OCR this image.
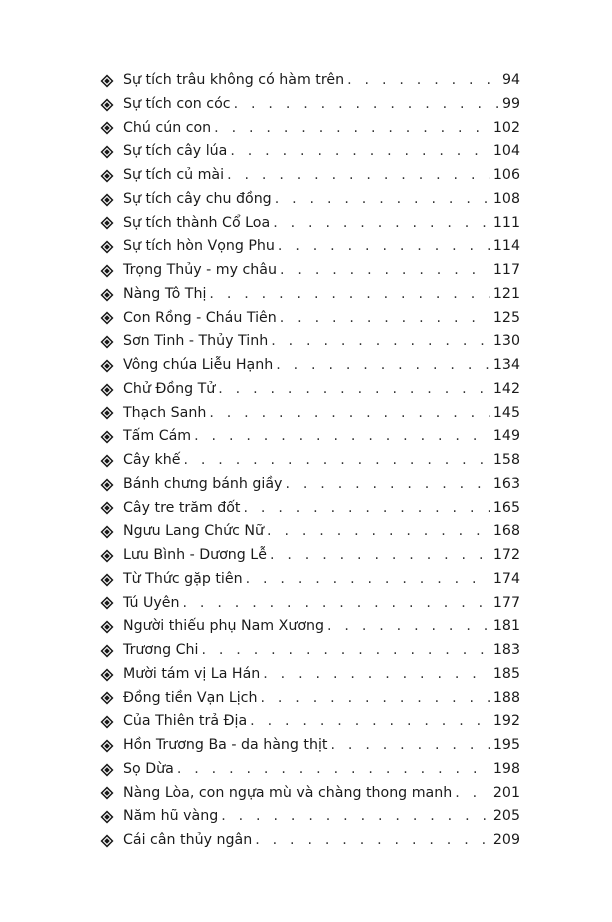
Sự tích trâu không có hàm trên . . .	94
Sự tích con cóc . . .	99
Chú cún con . . .	102
Sự tích cây lúa . . .	104
Sự tích củ mài . . .	106
Sự tích cây chu đồng . . .	108
Sự tích thành Cổ Loa . . .	111
Sự tích hòn Vọng Phu . . .	114
Trọng Thủy - my châu . . .	117
Nàng Tô Thị . . .	121
Con Rồng - Cháu Tiên . . .	125
Sơn Tinh - Thủy Tinh . . .	130
Vông chúa Liễu Hạnh . . .	134
Chử Đồng Tử . . .	142
Thạch Sanh . . .	145
Tấm Cám . . .	149
Cây khế . . .	158
Bánh chưng bánh giầy . . .	163
Cây tre trăm đốt . . .	165
Ngưu Lang Chức Nữ . . .	168
Lưu Bình - Dương Lễ . . .	172
Từ Thức gặp tiên . . .	174
Tú Uyên . . .	177
Người thiếu phụ Nam Xương . . .	181
Trương Chi . . .	183
Mười tám vị La Hán . . .	185
Đồng tiền Vạn Lịch . . .	188
Của Thiên trả Địa . . .	192
Hồn Trương Ba - da hàng thịt . . .	195
Sọ Dừa . . .	198
Nàng Lòa, con ngựa mù và chàng thong manh . . .	201
Năm hũ vàng . . .	205
Cái cân thủy ngân . . .	209
